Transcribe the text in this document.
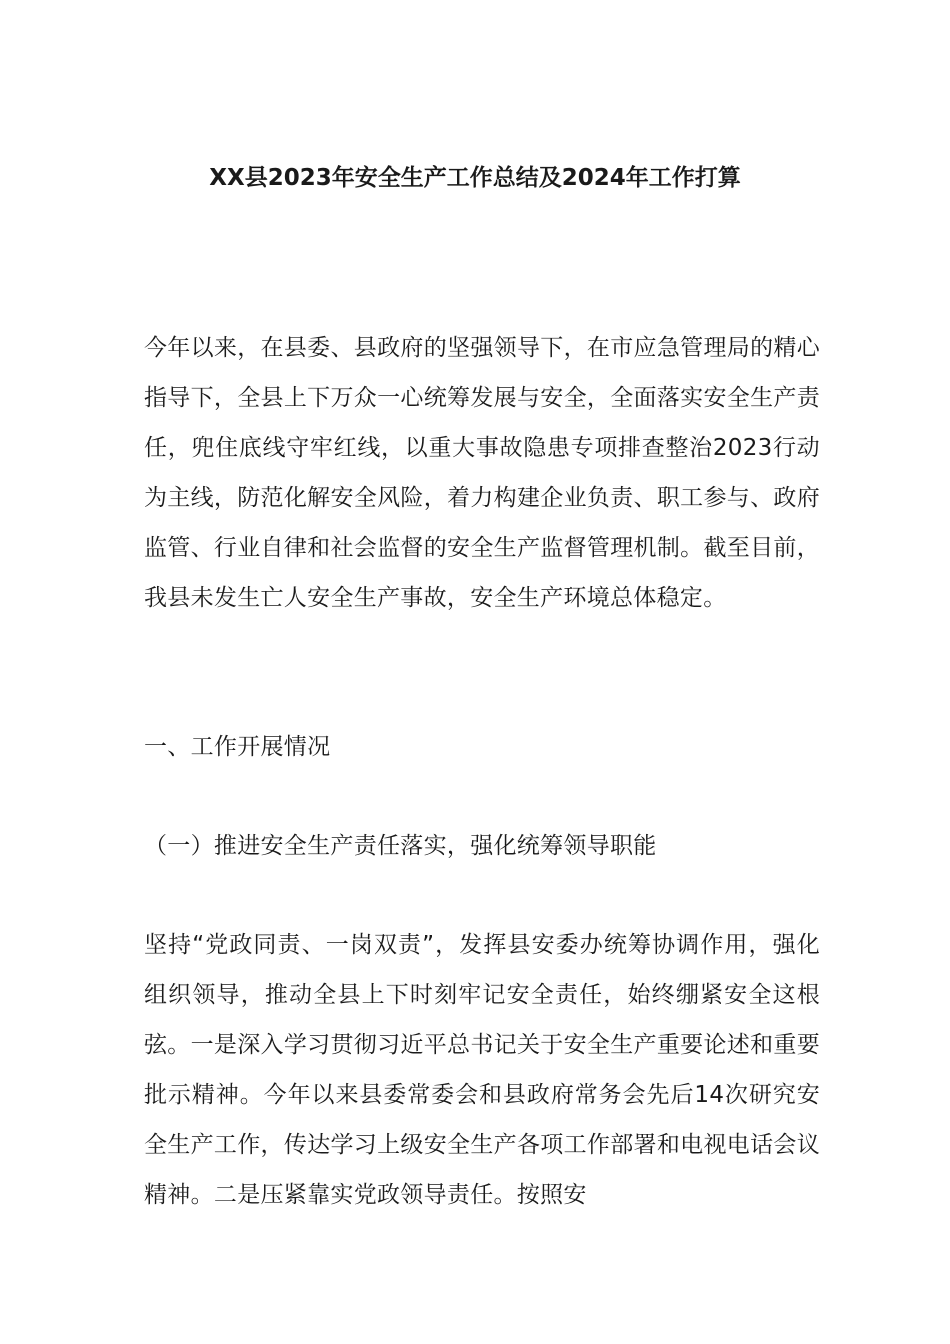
XX县2023年安全生产工作总结及2024年工作打算

今年以来，在县委、县政府的坚强领导下，在市应急管理局的精心指导下，全县上下万众一心统筹发展与安全，全面落实安全生产责任，兜住底线守牢红线，以重大事故隐患专项排查整治2023行动为主线，防范化解安全风险，着力构建企业负责、职工参与、政府监管、行业自律和社会监督的安全生产监督管理机制。截至目前，我县未发生亡人安全生产事故，安全生产环境总体稳定。

一、工作开展情况

（一）推进安全生产责任落实，强化统筹领导职能

坚持“党政同责、一岗双责”，发挥县安委办统筹协调作用，强化组织领导，推动全县上下时刻牢记安全责任，始终绷紧安全这根弦。一是深入学习贯彻习近平总书记关于安全生产重要论述和重要批示精神。今年以来县委常委会和县政府常务会先后14次研究安全生产工作，传达学习上级安全生产各项工作部署和电视电话会议精神。二是压紧靠实党政领导责任。按照安
